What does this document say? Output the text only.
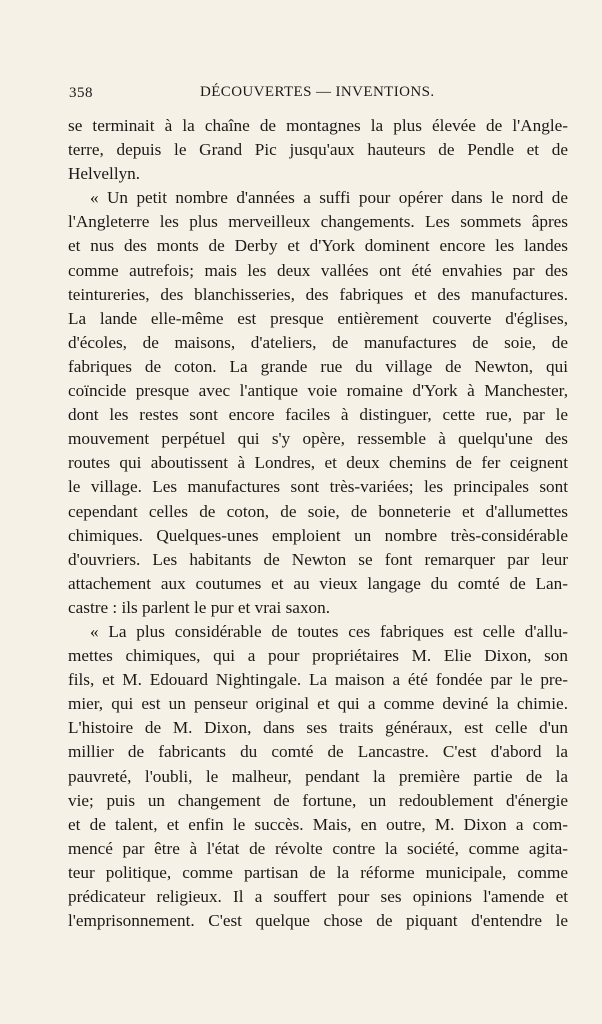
358	DÉCOUVERTES — INVENTIONS.
se terminait à la chaîne de montagnes la plus élevée de l'Angle-
terre, depuis le Grand Pic jusqu'aux hauteurs de Pendle et de
Helvellyn.
« Un petit nombre d'années a suffi pour opérer dans le nord de
l'Angleterre les plus merveilleux changements. Les sommets âpres
et nus des monts de Derby et d'York dominent encore les landes
comme autrefois; mais les deux vallées ont été envahies par des
teintureries, des blanchisseries, des fabriques et des manufactures.
La lande elle-même est presque entièrement couverte d'églises,
d'écoles, de maisons, d'ateliers, de manufactures de soie, de
fabriques de coton. La grande rue du village de Newton, qui
coïncide presque avec l'antique voie romaine d'York à Manchester,
dont les restes sont encore faciles à distinguer, cette rue, par le
mouvement perpétuel qui s'y opère, ressemble à quelqu'une des
routes qui aboutissent à Londres, et deux chemins de fer ceignent
le village. Les manufactures sont très-variées; les principales sont
cependant celles de coton, de soie, de bonneterie et d'allumettes
chimiques. Quelques-unes emploient un nombre très-considérable
d'ouvriers. Les habitants de Newton se font remarquer par leur
attachement aux coutumes et au vieux langage du comté de Lan-
castre : ils parlent le pur et vrai saxon.
« La plus considérable de toutes ces fabriques est celle d'allu-
mettes chimiques, qui a pour propriétaires M. Elie Dixon, son
fils, et M. Edouard Nightingale. La maison a été fondée par le pre-
mier, qui est un penseur original et qui a comme deviné la chimie.
L'histoire de M. Dixon, dans ses traits généraux, est celle d'un
millier de fabricants du comté de Lancastre. C'est d'abord la
pauvreté, l'oubli, le malheur, pendant la première partie de la
vie; puis un changement de fortune, un redoublement d'énergie
et de talent, et enfin le succès. Mais, en outre, M. Dixon a com-
mencé par être à l'état de révolte contre la société, comme agita-
teur politique, comme partisan de la réforme municipale, comme
prédicateur religieux. Il a souffert pour ses opinions l'amende et
l'emprisonnement. C'est quelque chose de piquant d'entendre le
